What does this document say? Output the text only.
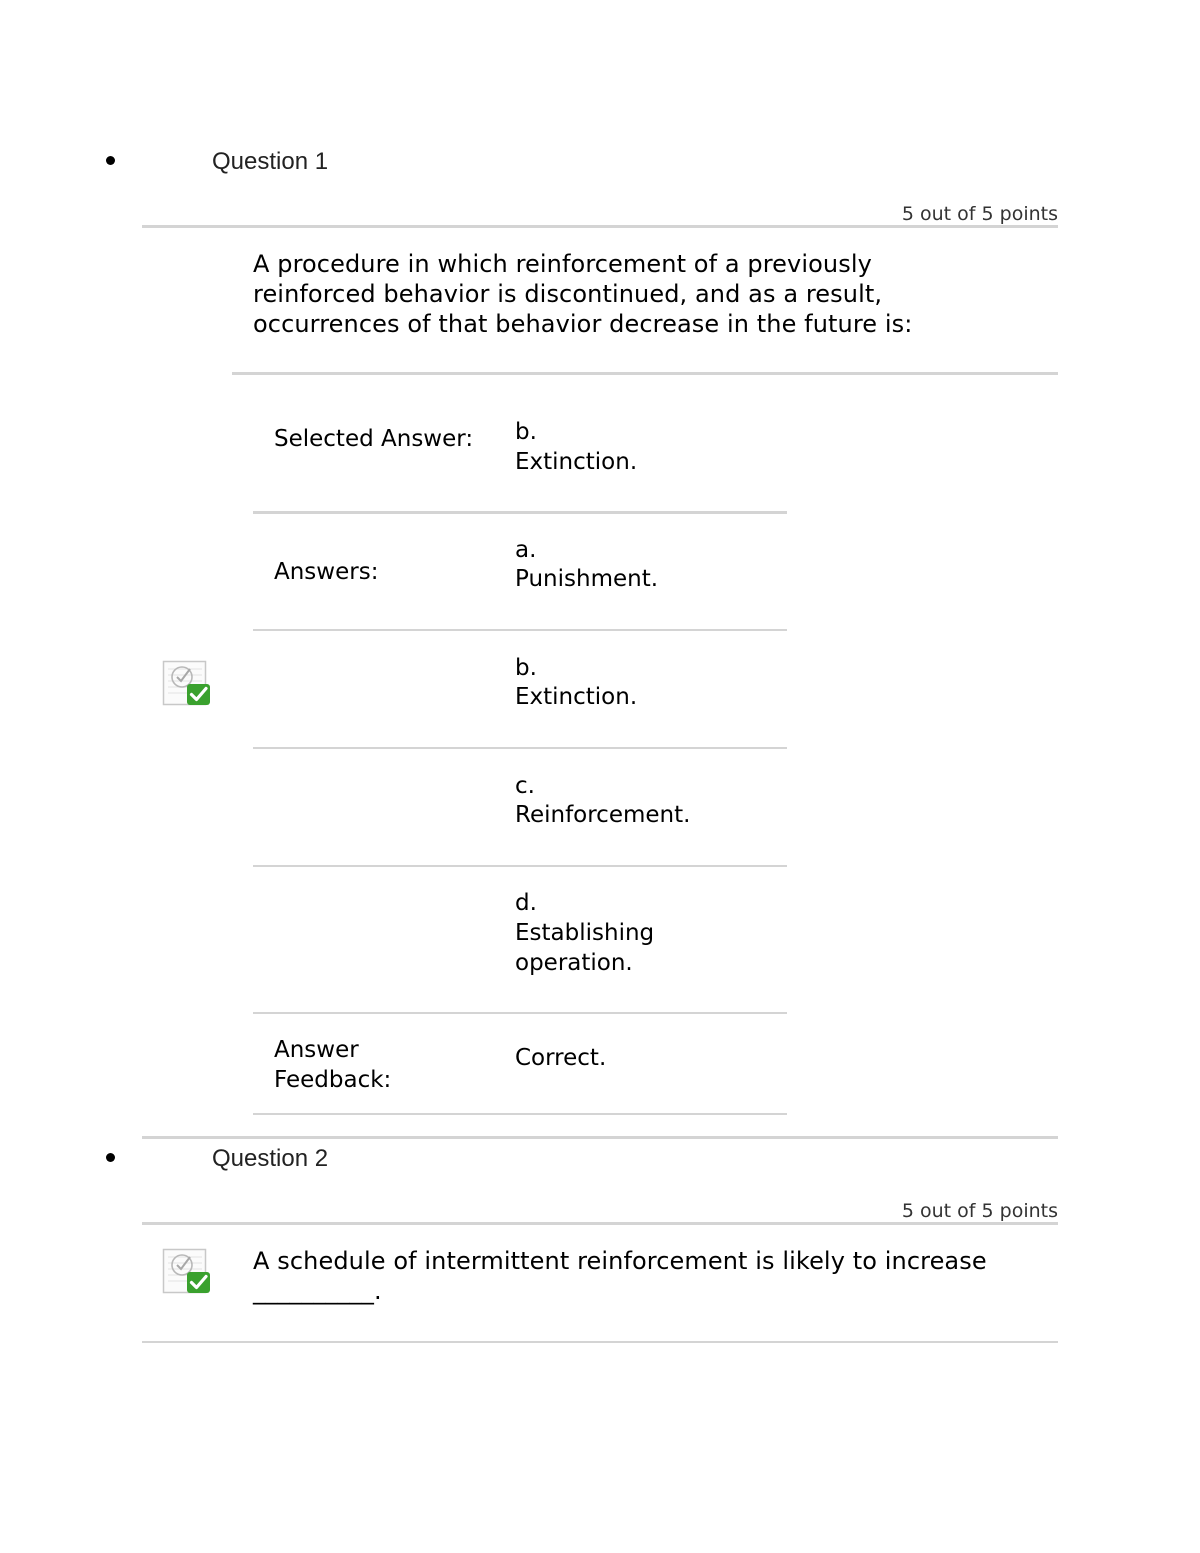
Question 1
5 out of 5 points
A procedure in which reinforcement of a previously reinforced behavior is discontinued, and as a result, occurrences of that behavior decrease in the future is:
Selected Answer: b.
Extinction.
Answers:
a.
Punishment.
b.
Extinction.
c.
Reinforcement.
d.
Establishing operation.
Answer Feedback:
Correct.
Question 2
5 out of 5 points
A schedule of intermittent reinforcement is likely to increase __________.
